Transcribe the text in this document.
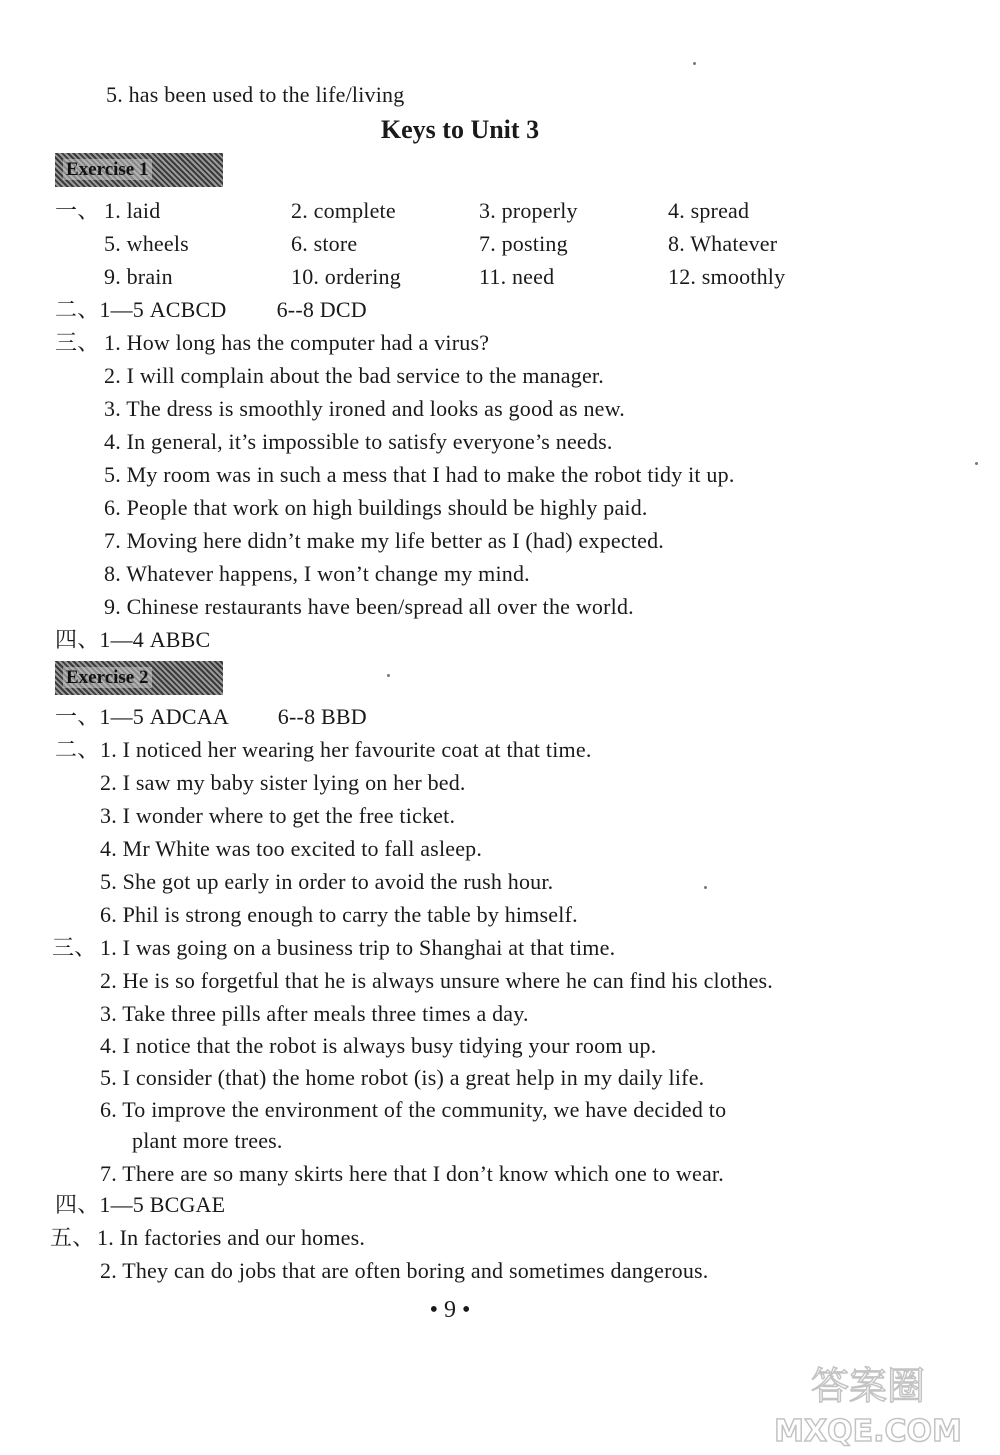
5. has been used to the life/living
Keys to Unit 3
Exercise 1
一、 1. laid	2. complete	3. properly	4. spread
5. wheels	6. store	7. posting	8. Whatever
9. brain	10. ordering	11. need	12. smoothly
二、1—5 ACBCD 　　6--8 DCD
三、 1. How long has the computer had a virus?
2. I will complain about the bad service to the manager.
3. The dress is smoothly ironed and looks as good as new.
4. In general, it’s impossible to satisfy everyone’s needs.
5. My room was in such a mess that I had to make the robot tidy it up.
6. People that work on high buildings should be highly paid.
7. Moving here didn’t make my life better as I (had) expected.
8. Whatever happens, I won’t change my mind.
9. Chinese restaurants have been/spread all over the world.
四、1—4 ABBC
Exercise 2
一、1—5 ADCAA 　　6--8 BBD
二、 1. I noticed her wearing her favourite coat at that time.
2. I saw my baby sister lying on her bed.
3. I wonder where to get the free ticket.
4. Mr White was too excited to fall asleep.
5. She got up early in order to avoid the rush hour.
6. Phil is strong enough to carry the table by himself.
三、 1. I was going on a business trip to Shanghai at that time.
2. He is so forgetful that he is always unsure where he can find his clothes.
3. Take three pills after meals three times a day.
4. I notice that the robot is always busy tidying your room up.
5. I consider (that) the home robot (is) a great help in my daily life.
6. To improve the environment of the community, we have decided to
plant more trees.
7. There are so many skirts here that I don’t know which one to wear.
四、1—5 BCGAE
五、 1. In factories and our homes.
2. They can do jobs that are often boring and sometimes dangerous.
• 9 •
答案圈
MXQE.COM
